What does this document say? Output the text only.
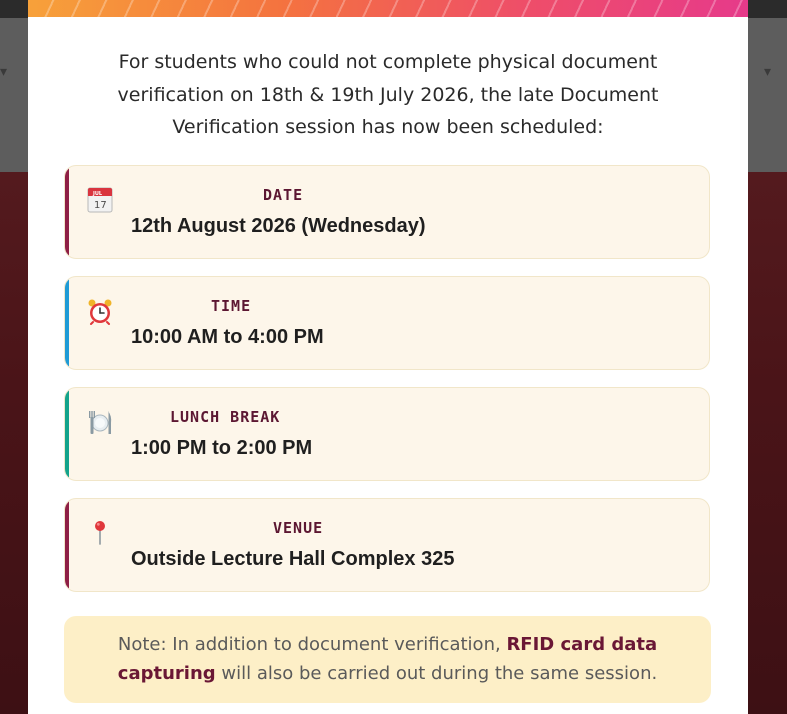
▾	▾
For students who could not complete physical document verification on 18th & 19th July 2026, the late Document Verification session has now been scheduled:
JUL
17
DATE
12th August 2026 (Wednesday)
TIME
10:00 AM to 4:00 PM
LUNCH BREAK
1:00 PM to 2:00 PM
VENUE
Outside Lecture Hall Complex 325
Note: In addition to document verification, RFID card data capturing will also be carried out during the same session.
